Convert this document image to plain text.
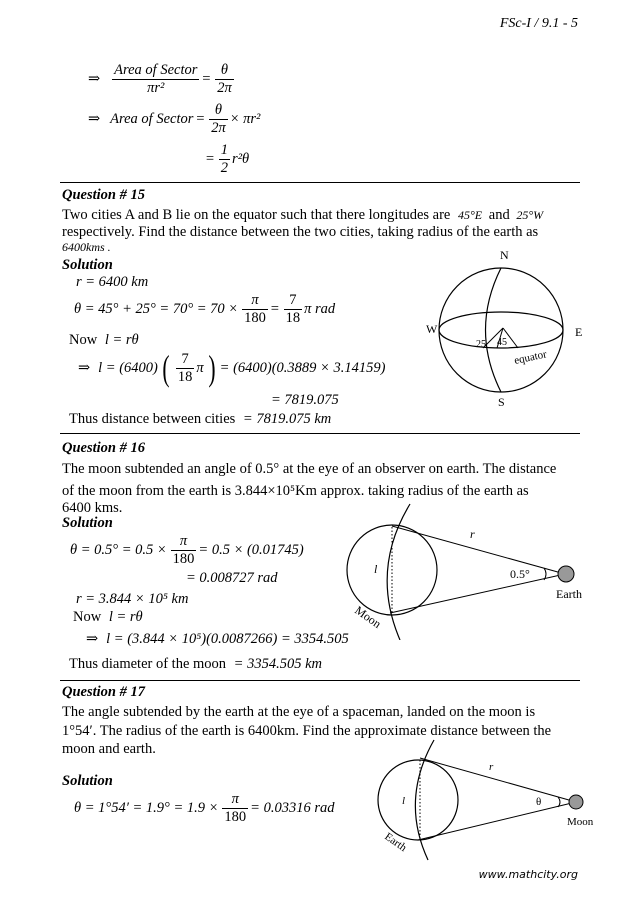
FSc-I / 9.1 - 5
⇒ $\frac{\text{Area of Sector}}{\text{πr²}} = \frac{\theta}{2\pi}$
⇒ Area of Sector = $\frac{\theta}{2\pi} \times \pi r^2$
= $\frac{1}{2} r^2\theta$
Question # 15
Two cities A and B lie on the equator such that there longitudes are 45°E and 25°W
respectively. Find the distance between the two cities, taking radius of the earth as
6400kms .
Solution
r = 6400 km
$\theta = 45^\circ + 25^\circ = 70^\circ = 70 \times \frac{\pi}{180} = \frac{7}{18}$ π rad
Now l = rθ
⇒ l = (6400) ( $\frac{7}{18}$ π ) = (6400)(0.3889 × 3.14159)
= 7819.075
Thus distance between cities = 7819.075 km
N
S
W	E
25 45
equator
Question # 16
The moon subtended an angle of 0.5° at the eye of an observer on earth. The distance
of the moon from the earth is 3.844×10⁵Km approx. taking radius of the earth as
6400 kms.
Solution
$\theta = 0.5^\circ = 0.5 \times \frac{\pi}{180} = 0.5 \times (0.01745)$
= 0.008727 rad
r = 3.844 × 10⁵ km
Now l = rθ
⇒ l = (3.844 × 10⁵)(0.0087266) = 3354.505
Thus diameter of the moon = 3354.505 km
r
l	0.5°
Earth
Moon
Question # 17
The angle subtended by the earth at the eye of a spaceman, landed on the moon is
1°54′. The radius of the earth is 6400km. Find the approximate distance between the
moon and earth.
Solution
$\theta = 1^\circ 54' = 1.9^\circ = 1.9 \times \frac{\pi}{180} = 0.03316$ rad
r
l	θ
Moon
Earth
www.mathcity.org
